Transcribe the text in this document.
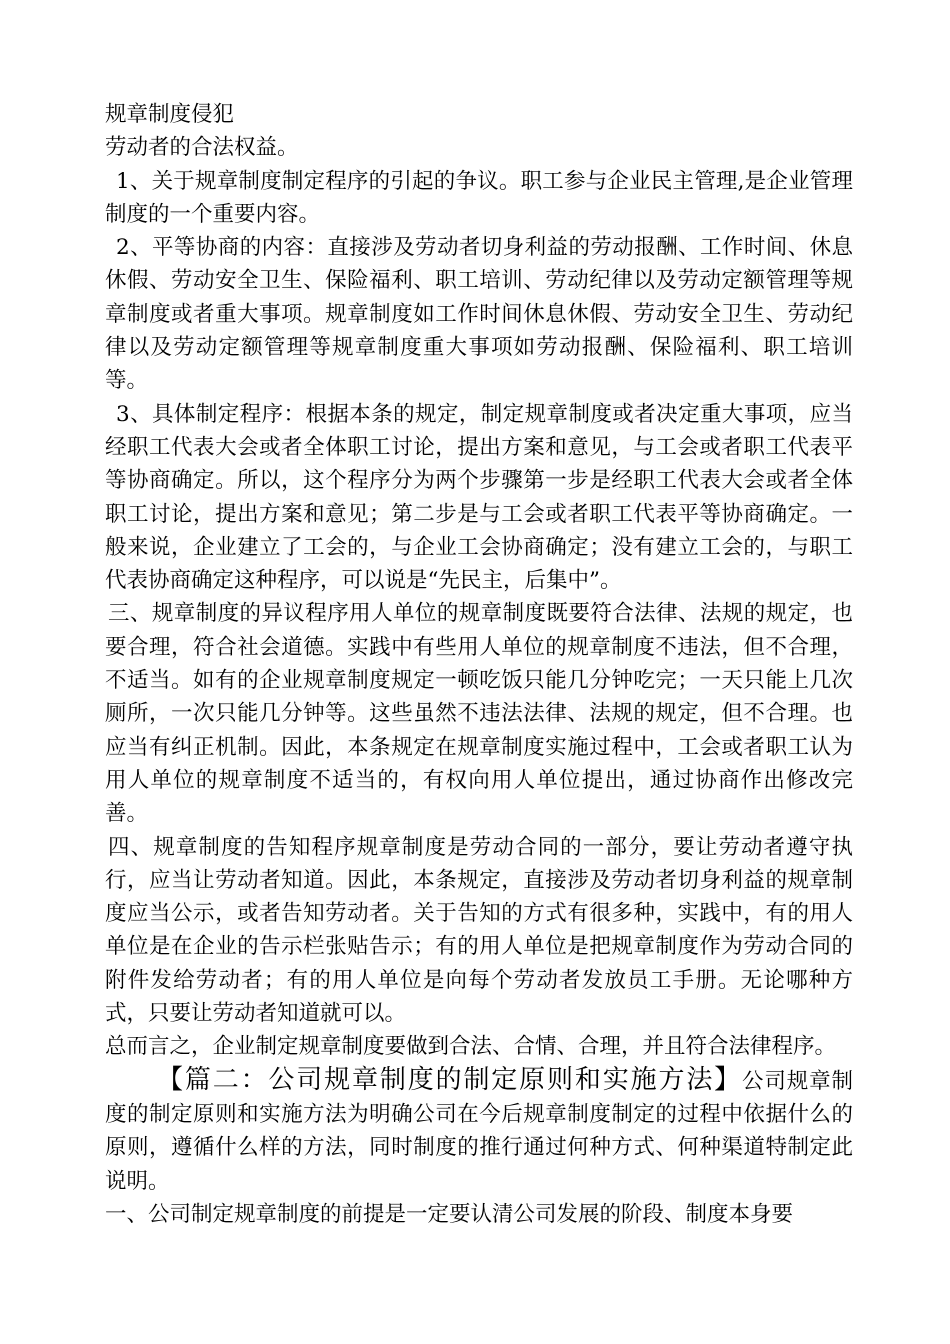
规章制度侵犯

劳动者的合法权益。

1、关于规章制度制定程序的引起的争议。职工参与企业民主管理,是企业管理制度的一个重要内容。

2、平等协商的内容：直接涉及劳动者切身利益的劳动报酬、工作时间、休息休假、劳动安全卫生、保险福利、职工培训、劳动纪律以及劳动定额管理等规章制度或者重大事项。规章制度如工作时间休息休假、劳动安全卫生、劳动纪律以及劳动定额管理等规章制度重大事项如劳动报酬、保险福利、职工培训等。

3、具体制定程序：根据本条的规定，制定规章制度或者决定重大事项，应当经职工代表大会或者全体职工讨论，提出方案和意见，与工会或者职工代表平等协商确定。所以，这个程序分为两个步骤第一步是经职工代表大会或者全体职工讨论，提出方案和意见；第二步是与工会或者职工代表平等协商确定。一般来说，企业建立了工会的，与企业工会协商确定；没有建立工会的，与职工代表协商确定这种程序，可以说是“先民主，后集中”。

三、规章制度的异议程序用人单位的规章制度既要符合法律、法规的规定，也要合理，符合社会道德。实践中有些用人单位的规章制度不违法，但不合理，不适当。如有的企业规章制度规定一顿吃饭只能几分钟吃完；一天只能上几次厕所，一次只能几分钟等。这些虽然不违法法律、法规的规定，但不合理。也应当有纠正机制。因此，本条规定在规章制度实施过程中，工会或者职工认为用人单位的规章制度不适当的，有权向用人单位提出，通过协商作出修改完善。

四、规章制度的告知程序规章制度是劳动合同的一部分，要让劳动者遵守执行，应当让劳动者知道。因此，本条规定，直接涉及劳动者切身利益的规章制度应当公示，或者告知劳动者。关于告知的方式有很多种，实践中，有的用人单位是在企业的告示栏张贴告示；有的用人单位是把规章制度作为劳动合同的附件发给劳动者；有的用人单位是向每个劳动者发放员工手册。无论哪种方式，只要让劳动者知道就可以。

总而言之，企业制定规章制度要做到合法、合情、合理，并且符合法律程序。

【篇二：公司规章制度的制定原则和实施方法】公司规章制度的制定原则和实施方法为明确公司在今后规章制度制定的过程中依据什么的原则，遵循什么样的方法，同时制度的推行通过何种方式、何种渠道特制定此说明。

一、公司制定规章制度的前提是一定要认清公司发展的阶段、制度本身要
